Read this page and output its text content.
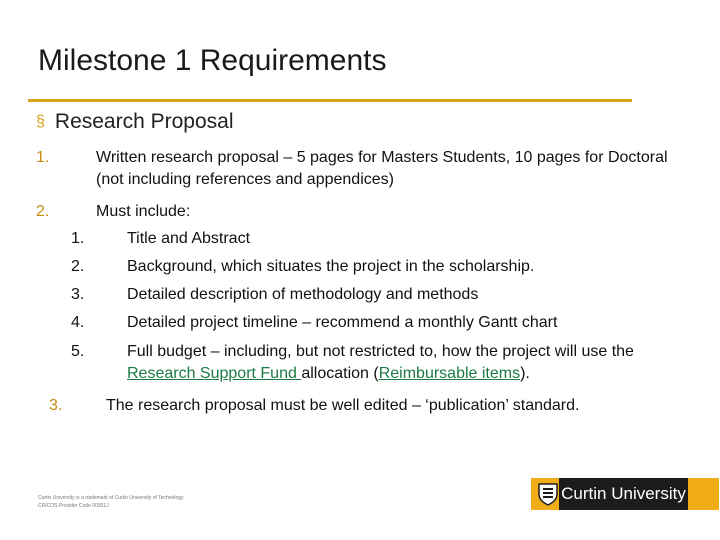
Milestone 1 Requirements
§ Research Proposal
1.	Written research proposal – 5 pages for Masters Students, 10 pages for Doctoral (not including references and appendices)
2.	Must include:
1.	Title and Abstract
2.	Background, which situates the project in the scholarship.
3.	Detailed description of methodology and methods
4.	Detailed project timeline – recommend a monthly Gantt chart
5.	Full budget – including, but not restricted to, how the project will use the Research Support Fund allocation (Reimbursable items).
3.	The research proposal must be well edited – ‘publication’ standard.
Curtin University is a trademark of Curtin University of Technology
CRICOS Provider Code 00301J
Curtin University
